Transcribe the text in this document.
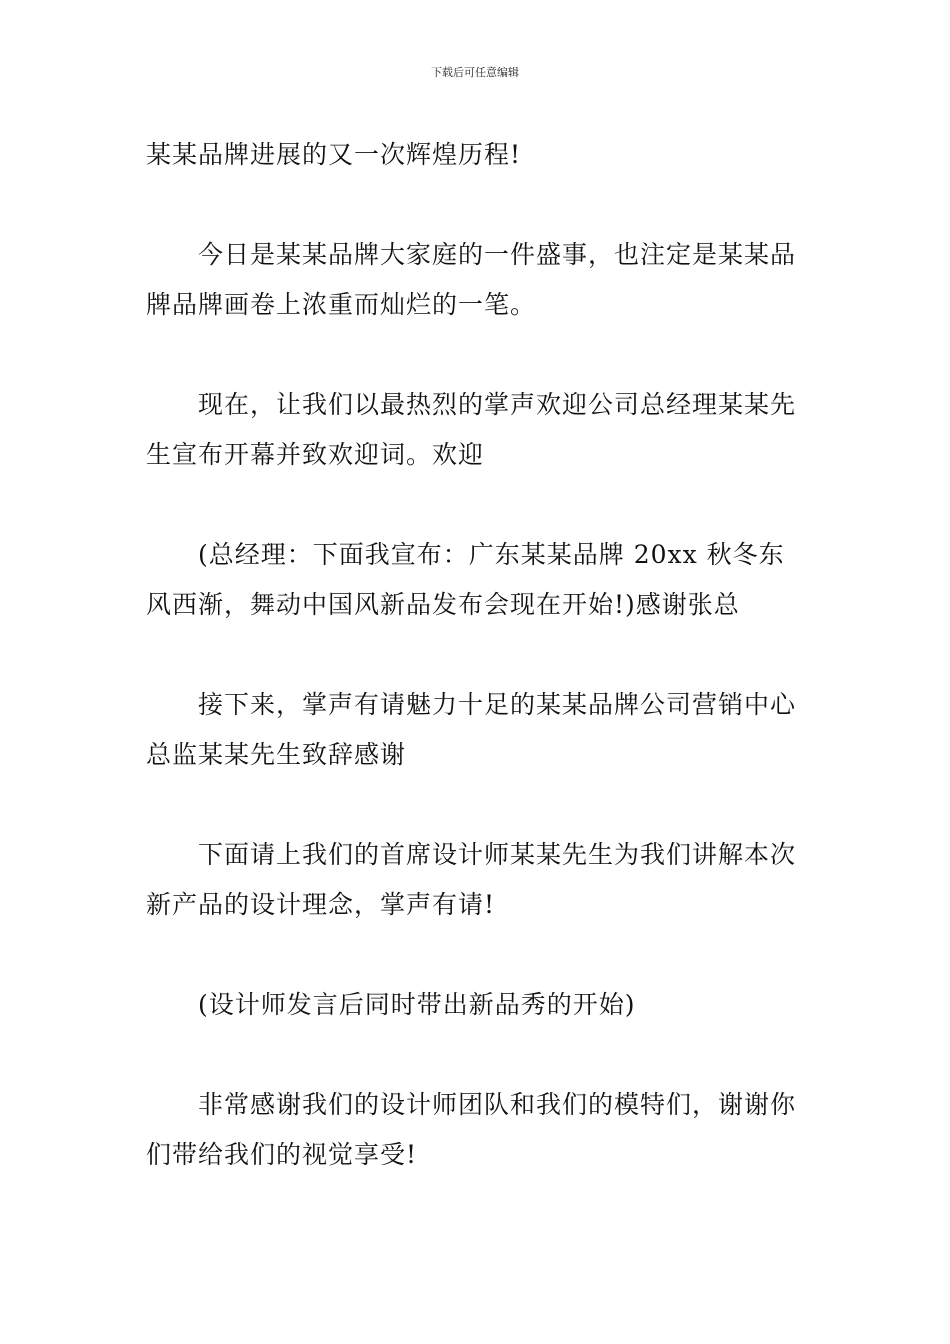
下载后可任意编辑

某某品牌进展的又一次辉煌历程!

今日是某某品牌大家庭的一件盛事，也注定是某某品牌品牌画卷上浓重而灿烂的一笔。

现在，让我们以最热烈的掌声欢迎公司总经理某某先生宣布开幕并致欢迎词。欢迎

(总经理：下面我宣布：广东某某品牌 20xx 秋冬东风西渐，舞动中国风新品发布会现在开始!)感谢张总

接下来，掌声有请魅力十足的某某品牌公司营销中心总监某某先生致辞感谢

下面请上我们的首席设计师某某先生为我们讲解本次新产品的设计理念，掌声有请!

(设计师发言后同时带出新品秀的开始)

非常感谢我们的设计师团队和我们的模特们，谢谢你们带给我们的视觉享受!
